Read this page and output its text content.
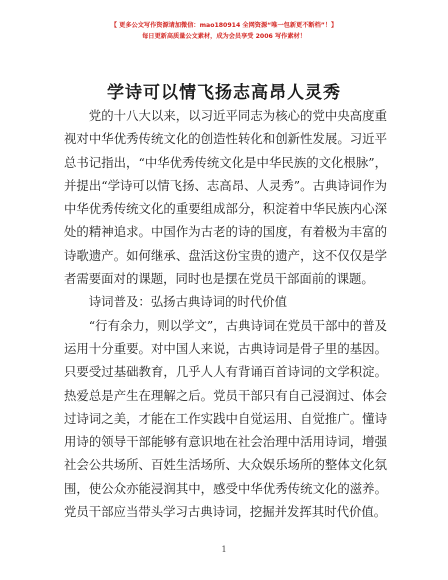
【 更多公文写作资源请加微信：mao180914 全网资源“唯一包新更不断档”！】
每日更新高质量公文素材，成为会员享受 2006 写作素材！
学诗可以情飞扬志高昂人灵秀

党的十八大以来，以习近平同志为核心的党中央高度重视对中华优秀传统文化的创造性转化和创新性发展。习近平总书记指出，“中华优秀传统文化是中华民族的文化根脉”，并提出“学诗可以情飞扬、志高昂、人灵秀”。古典诗词作为中华优秀传统文化的重要组成部分，积淀着中华民族内心深处的精神追求。中国作为古老的诗的国度，有着极为丰富的诗歌遗产。如何继承、盘活这份宝贵的遗产，这不仅仅是学者需要面对的课题，同时也是摆在党员干部面前的课题。

诗词普及：弘扬古典诗词的时代价值

“行有余力，则以学文”，古典诗词在党员干部中的普及运用十分重要。对中国人来说，古典诗词是骨子里的基因。只要受过基础教育，几乎人人有背诵百首诗词的文学积淀。热爱总是产生在理解之后。党员干部只有自己浸润过、体会过诗词之美，才能在工作实践中自觉运用、自觉推广。懂诗用诗的领导干部能够有意识地在社会治理中活用诗词，增强社会公共场所、百姓生活场所、大众娱乐场所的整体文化氛围，使公众亦能浸润其中，感受中华优秀传统文化的滋养。党员干部应当带头学习古典诗词，挖掘并发挥其时代价值。

1
